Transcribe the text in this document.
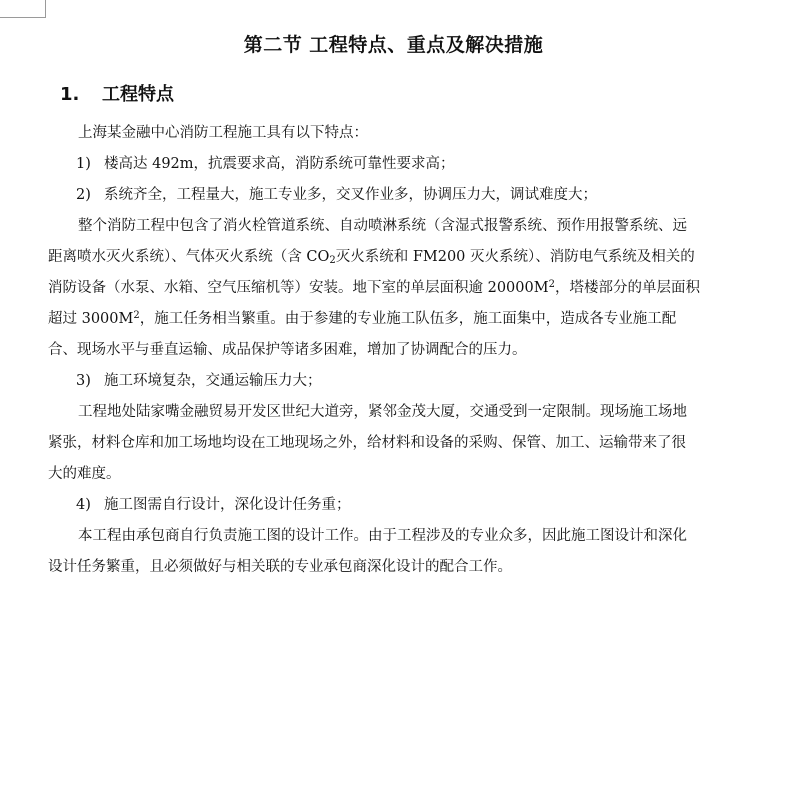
第二节 工程特点、重点及解决措施
1. 工程特点

上海某金融中心消防工程施工具有以下特点：

1) 楼高达 492m，抗震要求高，消防系统可靠性要求高；

2) 系统齐全，工程量大，施工专业多，交叉作业多，协调压力大，调试难度大；

整个消防工程中包含了消火栓管道系统、自动喷淋系统（含湿式报警系统、预作用报警系统、远距离喷水灭火系统）、气体灭火系统（含 $CO_2$灭火系统和 FM200 灭火系统）、消防电气系统及相关的消防设备（水泵、水箱、空气压缩机等）安装。地下室的单层面积逾 $20000M^2$，塔楼部分的单层面积超过 $3000M^2$，施工任务相当繁重。由于参建的专业施工队伍多，施工面集中，造成各专业施工配合、现场水平与垂直运输、成品保护等诸多困难，增加了协调配合的压力。

3) 施工环境复杂，交通运输压力大；

工程地处陆家嘴金融贸易开发区世纪大道旁，紧邻金茂大厦，交通受到一定限制。现场施工场地紧张，材料仓库和加工场地均设在工地现场之外，给材料和设备的采购、保管、加工、运输带来了很大的难度。

4) 施工图需自行设计，深化设计任务重；

本工程由承包商自行负责施工图的设计工作。由于工程涉及的专业众多，因此施工图设计和深化设计任务繁重，且必须做好与相关联的专业承包商深化设计的配合工作。
